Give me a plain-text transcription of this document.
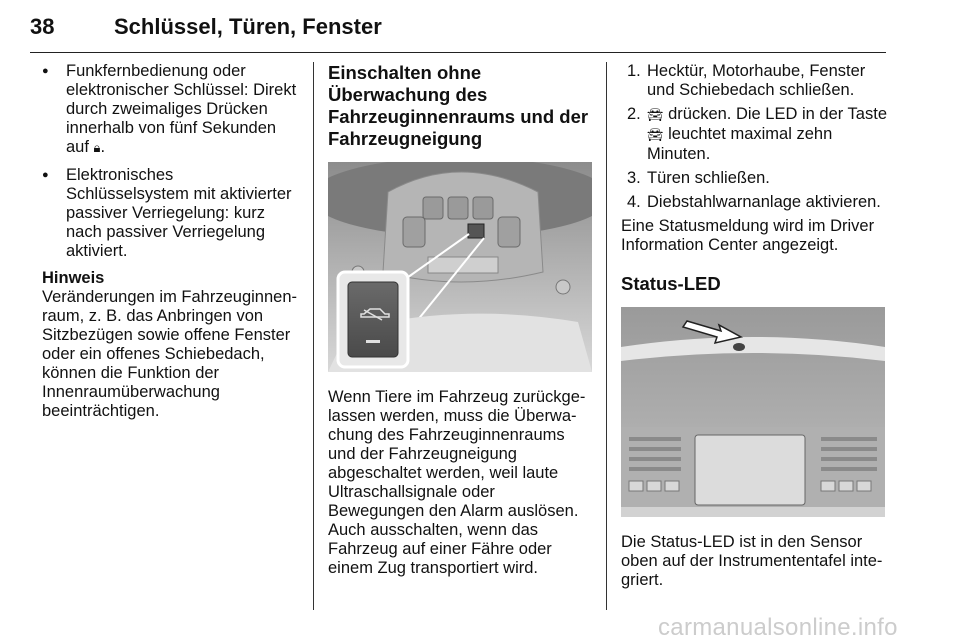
38	Schlüssel, Türen, Fenster
● Funkfernbedienung oder elektronischer Schlüssel: Direkt durch zweimaliges Drücken innerhalb von fünf Sekunden auf 🔒︎.
● Elektronisches Schlüsselsystem mit aktivierter passiver Verriegelung: kurz nach passiver Verriegelung aktiviert.
Hinweis
Veränderungen im Fahrzeuginnenraum, z. B. das Anbringen von Sitzbezügen sowie offene Fenster oder ein offenes Schiebedach, können die Funktion der Innenraumüberwachung beeinträchtigen.
Einschalten ohne Überwachung des Fahrzeuginnenraums und der Fahrzeugneigung
Wenn Tiere im Fahrzeug zurückgelassen werden, muss die Überwachung des Fahrzeuginnenraums und der Fahrzeugneigung abgeschaltet werden, weil laute Ultraschallsignale oder Bewegungen den Alarm auslösen. Auch ausschalten, wenn das Fahrzeug auf einer Fähre oder einem Zug transportiert wird.
1. Hecktür, Motorhaube, Fenster und Schiebedach schließen.
2. 🚘︎ drücken. Die LED in der Taste 🚘︎ leuchtet maximal zehn Minuten.
3. Türen schließen.
4. Diebstahlwarnanlage aktivieren.
Eine Statusmeldung wird im Driver Information Center angezeigt.
Status-LED
Die Status-LED ist in den Sensor oben auf der Instrumententafel integriert.
carmanualsonline.info
